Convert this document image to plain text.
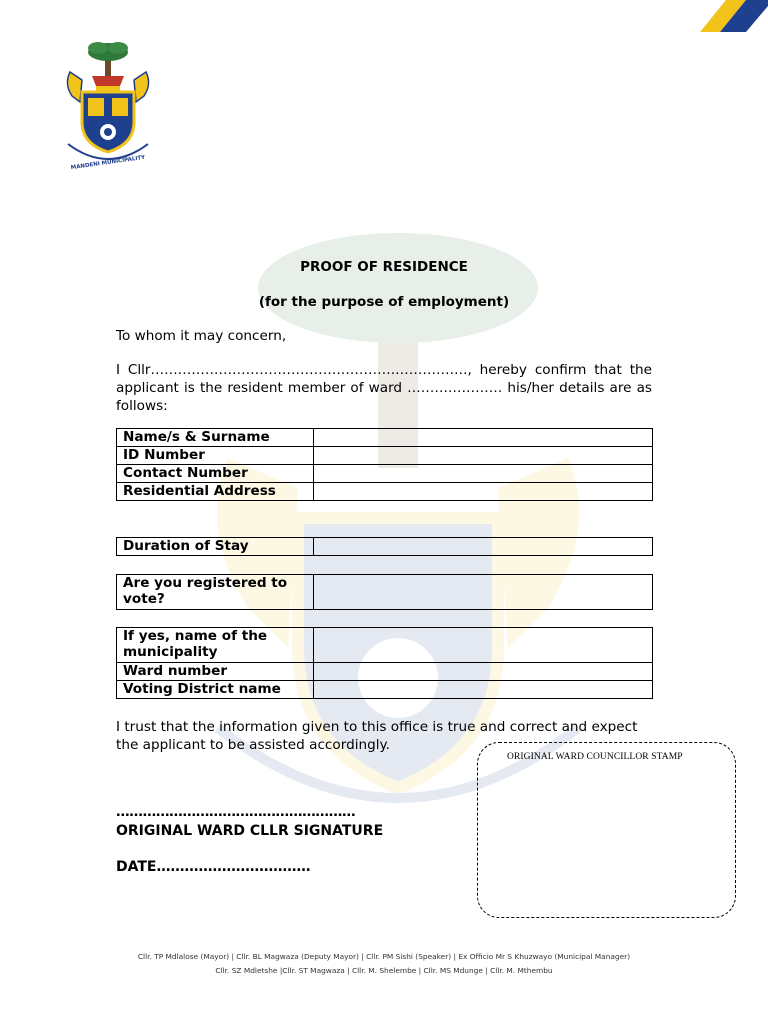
MANDENI MUNICIPALITY
PROOF OF RESIDENCE
(for the purpose of employment)
To whom it may concern,
I Cllr……………………………………………………………., hereby confirm that the applicant is the resident member of ward ………………… his/her details are as follows:
Name/s & Surname	
ID Number	
Contact Number	
Residential Address	
Duration of Stay	
Are you registered to vote?	
If yes, name of the municipality	
Ward number	
Voting District name	
I trust that the information given to this office is true and correct and expect the applicant to be assisted accordingly.
ORIGINAL WARD COUNCILLOR STAMP
………………………………………………
ORIGINAL WARD CLLR SIGNATURE
DATE……………………………
Cllr. TP Mdlalose (Mayor) | Cllr. BL Magwaza (Deputy Mayor) | Cllr. PM Sishi (Speaker) | Ex Officio Mr S Khuzwayo (Municipal Manager)
Cllr. SZ Mdletshe |Cllr. ST Magwaza | Cllr. M. Shelembe | Cllr. MS Mdunge | Cllr. M. Mthembu
